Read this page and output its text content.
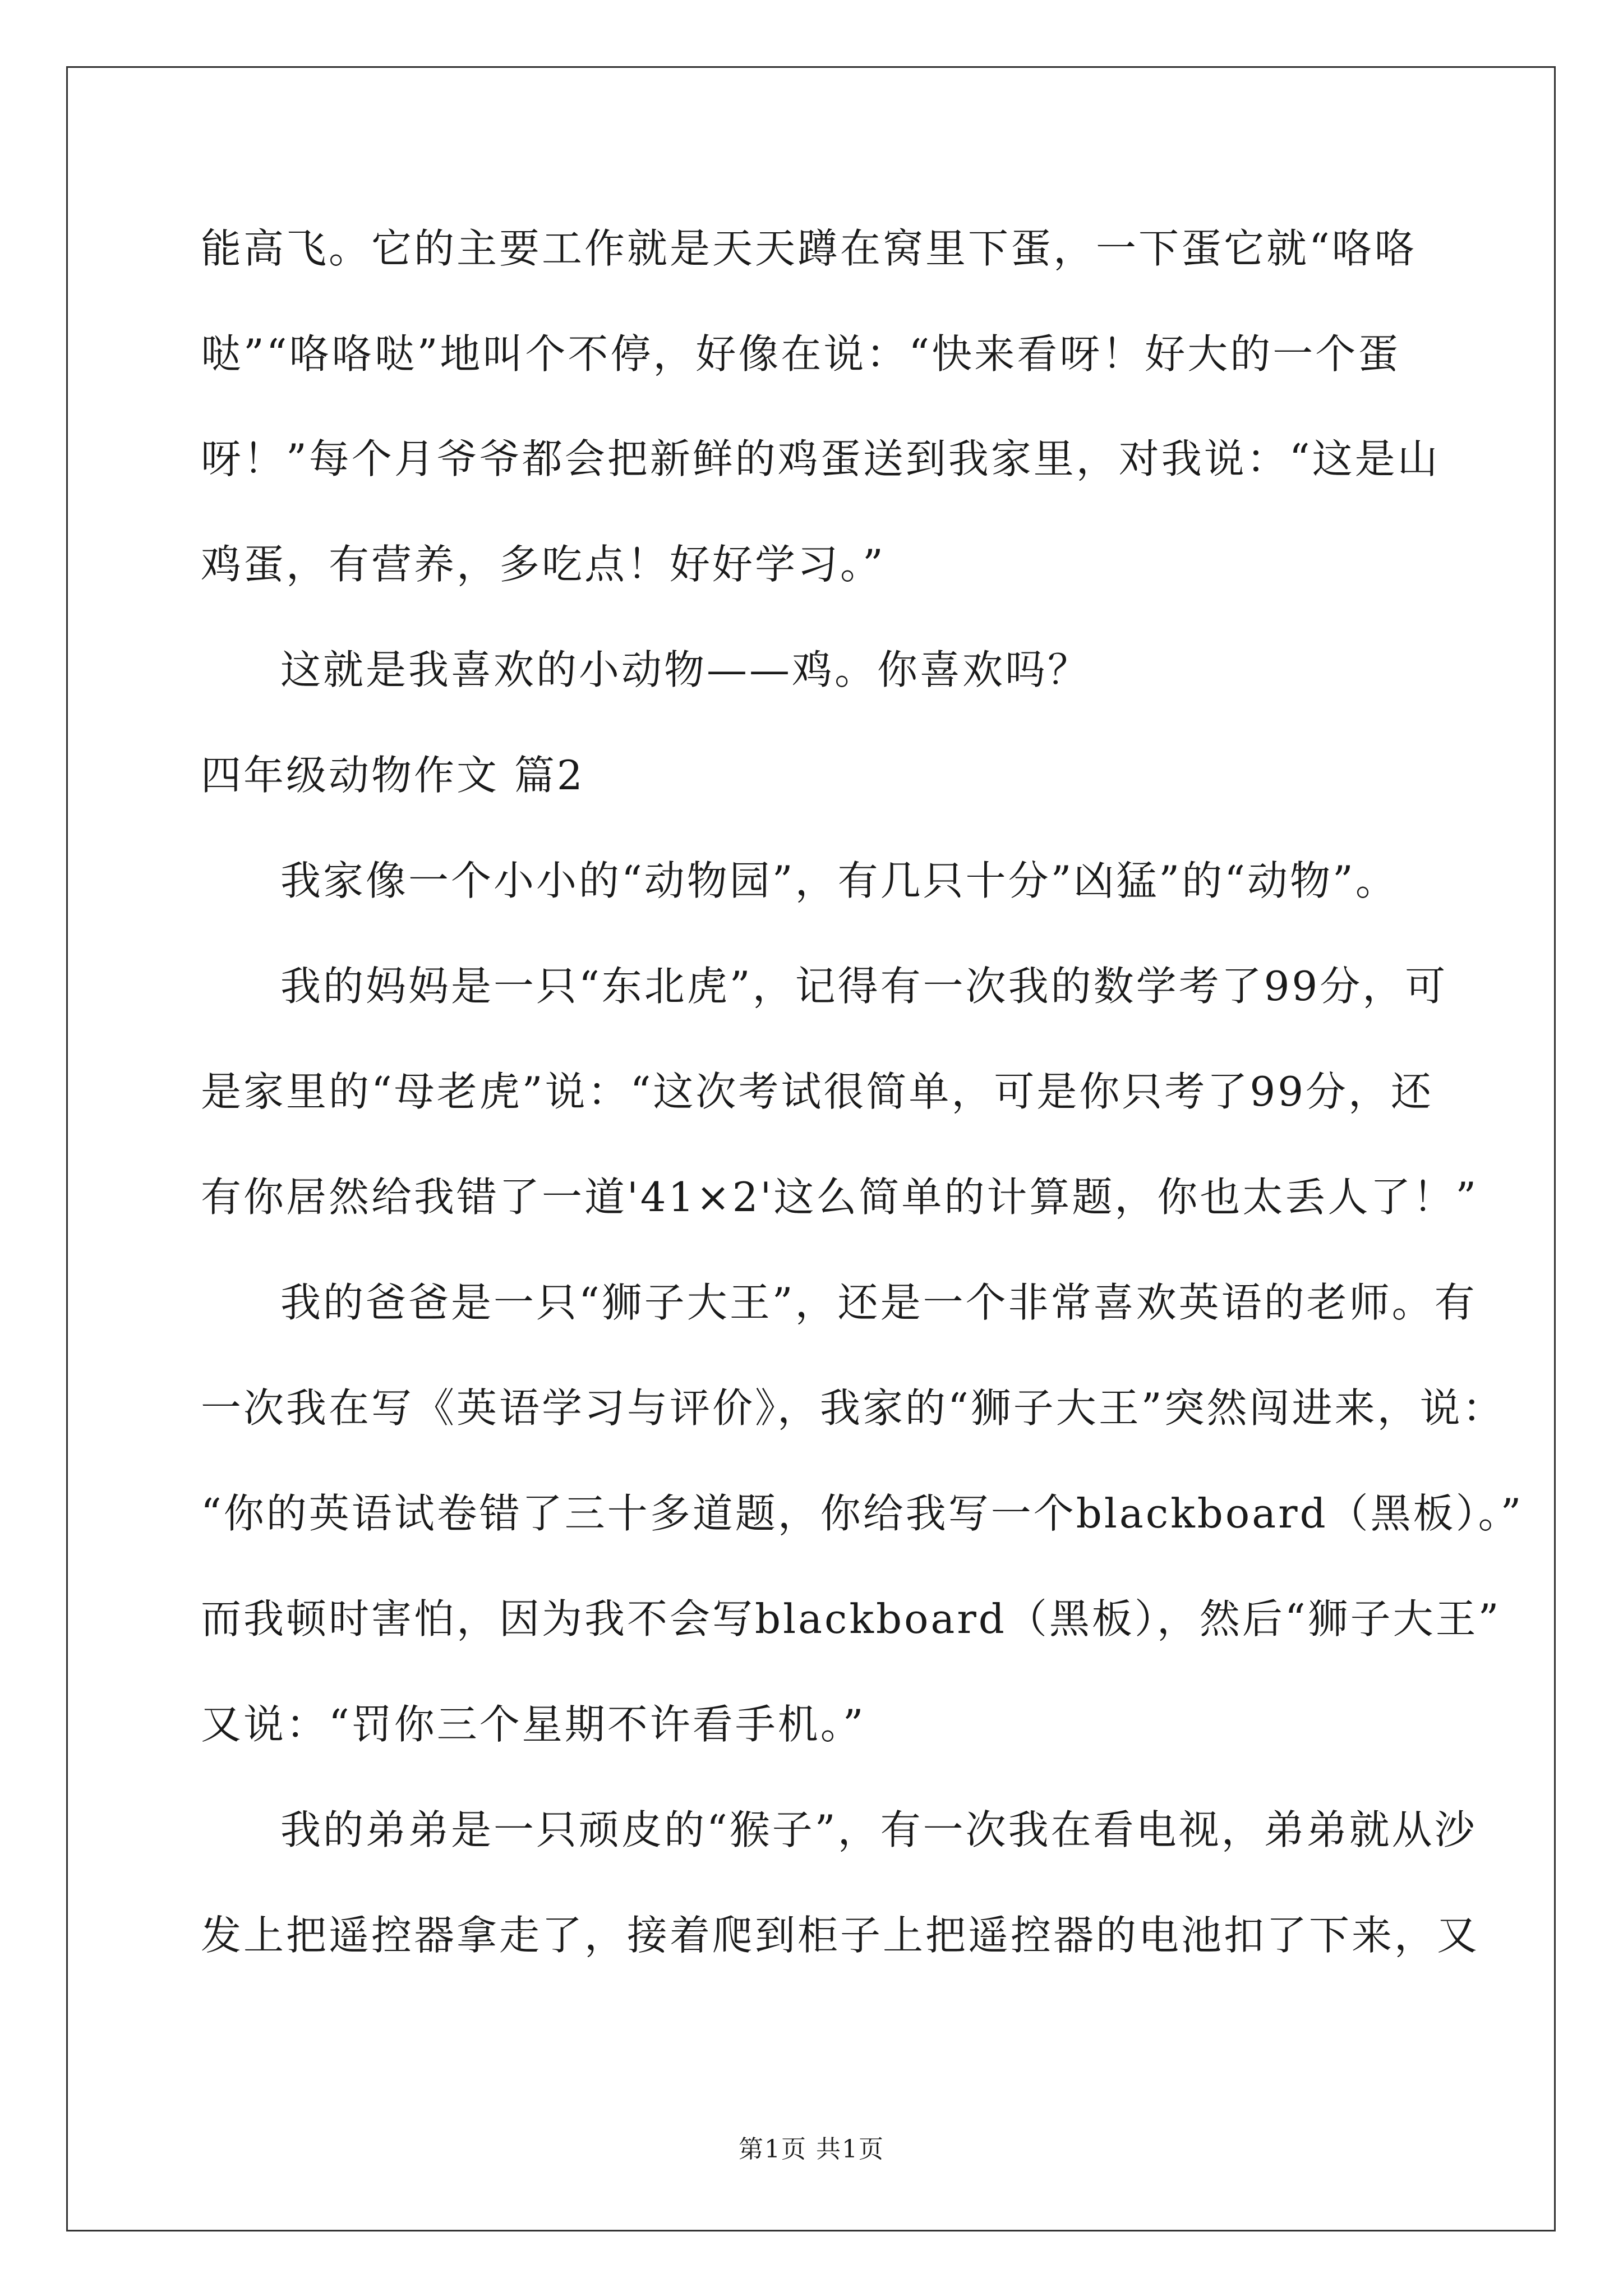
能高飞。它的主要工作就是天天蹲在窝里下蛋，一下蛋它就“咯咯
哒”“咯咯哒”地叫个不停，好像在说：“快来看呀！好大的一个蛋
呀！”每个月爷爷都会把新鲜的鸡蛋送到我家里，对我说：“这是山
鸡蛋，有营养，多吃点！好好学习。”
这就是我喜欢的小动物——鸡。你喜欢吗？
四年级动物作文 篇2
我家像一个小小的“动物园”，有几只十分”凶猛”的“动物”。
我的妈妈是一只“东北虎”，记得有一次我的数学考了99分，可
是家里的“母老虎”说：“这次考试很简单，可是你只考了99分，还
有你居然给我错了一道'41×2'这么简单的计算题，你也太丢人了！”
我的爸爸是一只“狮子大王”，还是一个非常喜欢英语的老师。有
一次我在写《英语学习与评价》，我家的“狮子大王”突然闯进来，说：
“你的英语试卷错了三十多道题，你给我写一个blackboard（黑板）。”
而我顿时害怕，因为我不会写blackboard（黑板），然后“狮子大王”
又说：“罚你三个星期不许看手机。”
我的弟弟是一只顽皮的“猴子”，有一次我在看电视，弟弟就从沙
发上把遥控器拿走了，接着爬到柜子上把遥控器的电池扣了下来，又
第1页 共1页
